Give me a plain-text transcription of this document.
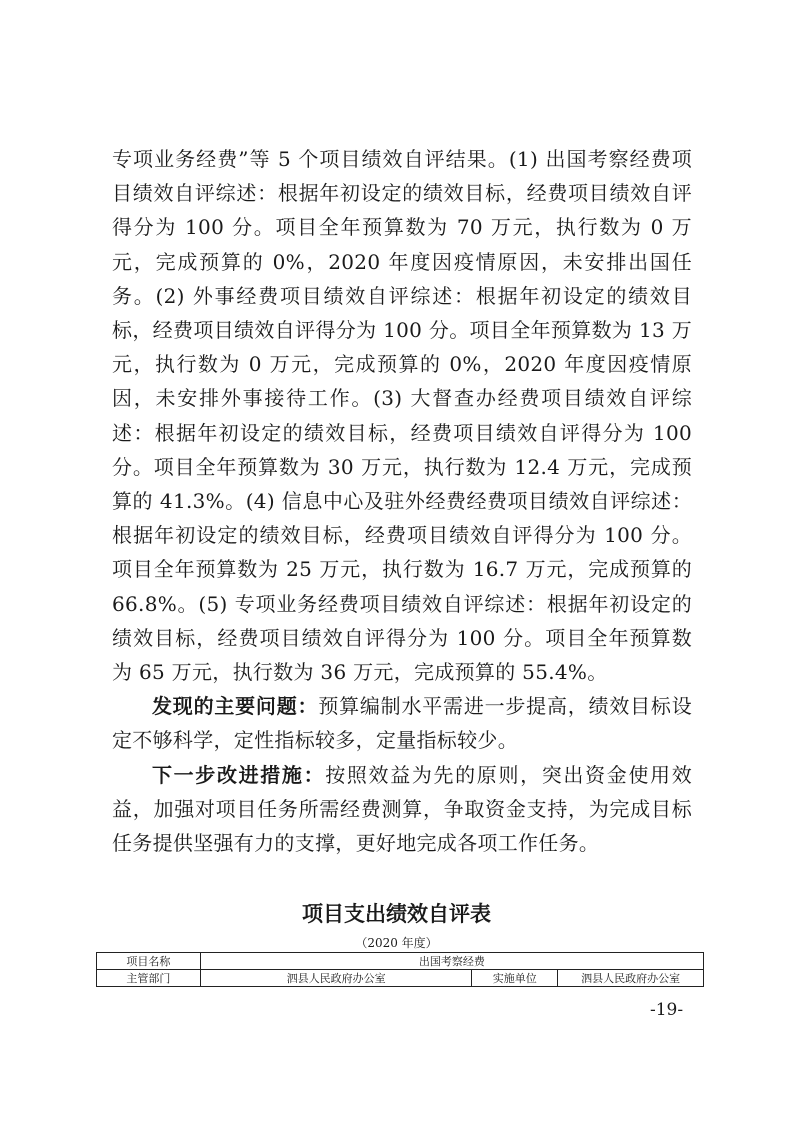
专项业务经费”等 5 个项目绩效自评结果。(1) 出国考察经费项目绩效自评综述：根据年初设定的绩效目标，经费项目绩效自评得分为 100 分。项目全年预算数为 70 万元，执行数为 0 万元，完成预算的 0%，2020 年度因疫情原因，未安排出国任务。(2) 外事经费项目绩效自评综述：根据年初设定的绩效目标，经费项目绩效自评得分为 100 分。项目全年预算数为 13 万元，执行数为 0 万元，完成预算的 0%，2020 年度因疫情原因，未安排外事接待工作。(3) 大督查办经费项目绩效自评综述：根据年初设定的绩效目标，经费项目绩效自评得分为 100 分。项目全年预算数为 30 万元，执行数为 12.4 万元，完成预算的 41.3%。(4) 信息中心及驻外经费经费项目绩效自评综述：根据年初设定的绩效目标，经费项目绩效自评得分为 100 分。项目全年预算数为 25 万元，执行数为 16.7 万元，完成预算的 66.8%。(5) 专项业务经费项目绩效自评综述：根据年初设定的绩效目标，经费项目绩效自评得分为 100 分。项目全年预算数为 65 万元，执行数为 36 万元，完成预算的 55.4%。

发现的主要问题：预算编制水平需进一步提高，绩效目标设定不够科学，定性指标较多，定量指标较少。

下一步改进措施：按照效益为先的原则，突出资金使用效益，加强对项目任务所需经费测算，争取资金支持，为完成目标任务提供坚强有力的支撑，更好地完成各项工作任务。

项目支出绩效自评表
（2020 年度）
项目名称	出国考察经费		
主管部门	泗县人民政府办公室	实施单位	泗县人民政府办公室
-19-
